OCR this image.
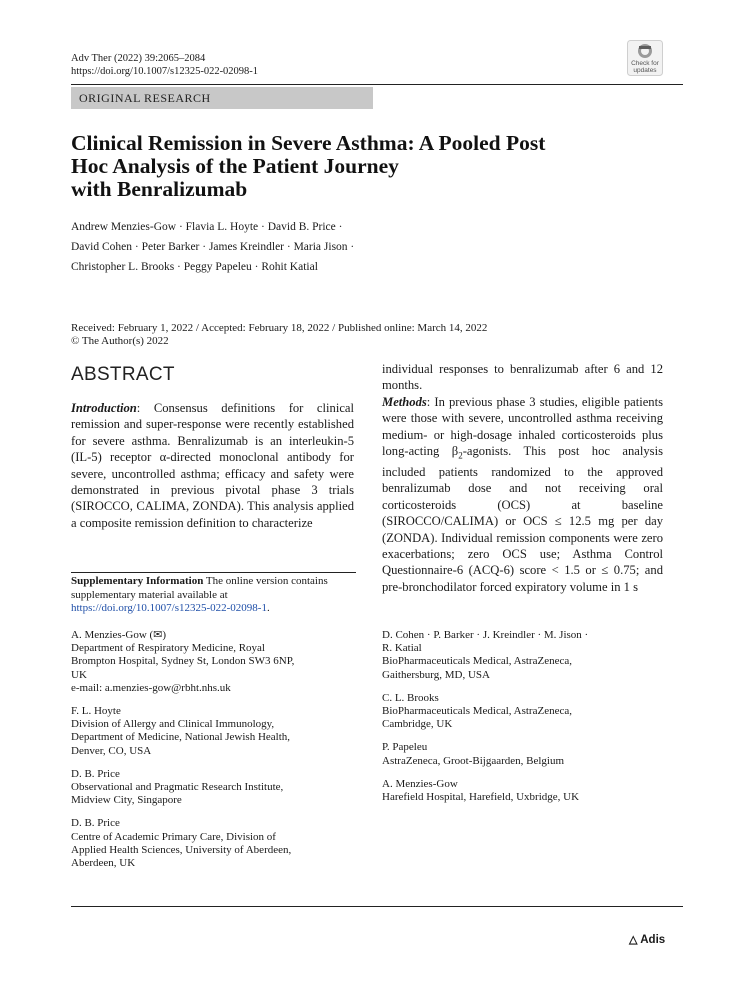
Adv Ther (2022) 39:2065–2084
https://doi.org/10.1007/s12325-022-02098-1
ORIGINAL RESEARCH
Check for
updates
Clinical Remission in Severe Asthma: A Pooled Post
Hoc Analysis of the Patient Journey
with Benralizumab
Andrew Menzies-Gow · Flavia L. Hoyte · David B. Price ·
David Cohen · Peter Barker · James Kreindler · Maria Jison ·
Christopher L. Brooks · Peggy Papeleu · Rohit Katial
Received: February 1, 2022 / Accepted: February 18, 2022 / Published online: March 14, 2022
© The Author(s) 2022
ABSTRACT

Introduction: Consensus definitions for clinical remission and super-response were recently established for severe asthma. Benralizumab is an interleukin-5 (IL-5) receptor α-directed monoclonal antibody for severe, uncontrolled asthma; efficacy and safety were demonstrated in previous pivotal phase 3 trials (SIROCCO, CALIMA, ZONDA). This analysis applied a composite remission definition to characterize

individual responses to benralizumab after 6 and 12 months.

Methods: In previous phase 3 studies, eligible patients were those with severe, uncontrolled asthma receiving medium- or high-dosage inhaled corticosteroids plus long-acting $\beta_2$-agonists. This post hoc analysis included patients randomized to the approved benralizumab dose and not receiving oral corticosteroids (OCS) at baseline (SIROCCO/CALIMA) or OCS ≤ 12.5 mg per day (ZONDA). Individual remission components were zero exacerbations; zero OCS use; Asthma Control Questionnaire-6 (ACQ-6) score < 1.5 or ≤ 0.75; and pre-bronchodilator forced expiratory volume in 1 s

Supplementary Information The online version contains supplementary material available at https://doi.org/10.1007/s12325-022-02098-1.
A. Menzies-Gow (✉)
Department of Respiratory Medicine, Royal
Brompton Hospital, Sydney St, London SW3 6NP,
UK
e-mail: a.menzies-gow@rbht.nhs.uk
F. L. Hoyte
Division of Allergy and Clinical Immunology,
Department of Medicine, National Jewish Health,
Denver, CO, USA
D. B. Price
Observational and Pragmatic Research Institute,
Midview City, Singapore
D. B. Price
Centre of Academic Primary Care, Division of
Applied Health Sciences, University of Aberdeen,
Aberdeen, UK
D. Cohen · P. Barker · J. Kreindler · M. Jison ·
R. Katial
BioPharmaceuticals Medical, AstraZeneca,
Gaithersburg, MD, USA
C. L. Brooks
BioPharmaceuticals Medical, AstraZeneca,
Cambridge, UK
P. Papeleu
AstraZeneca, Groot-Bijgaarden, Belgium
A. Menzies-Gow
Harefield Hospital, Harefield, Uxbridge, UK
△ Adis
